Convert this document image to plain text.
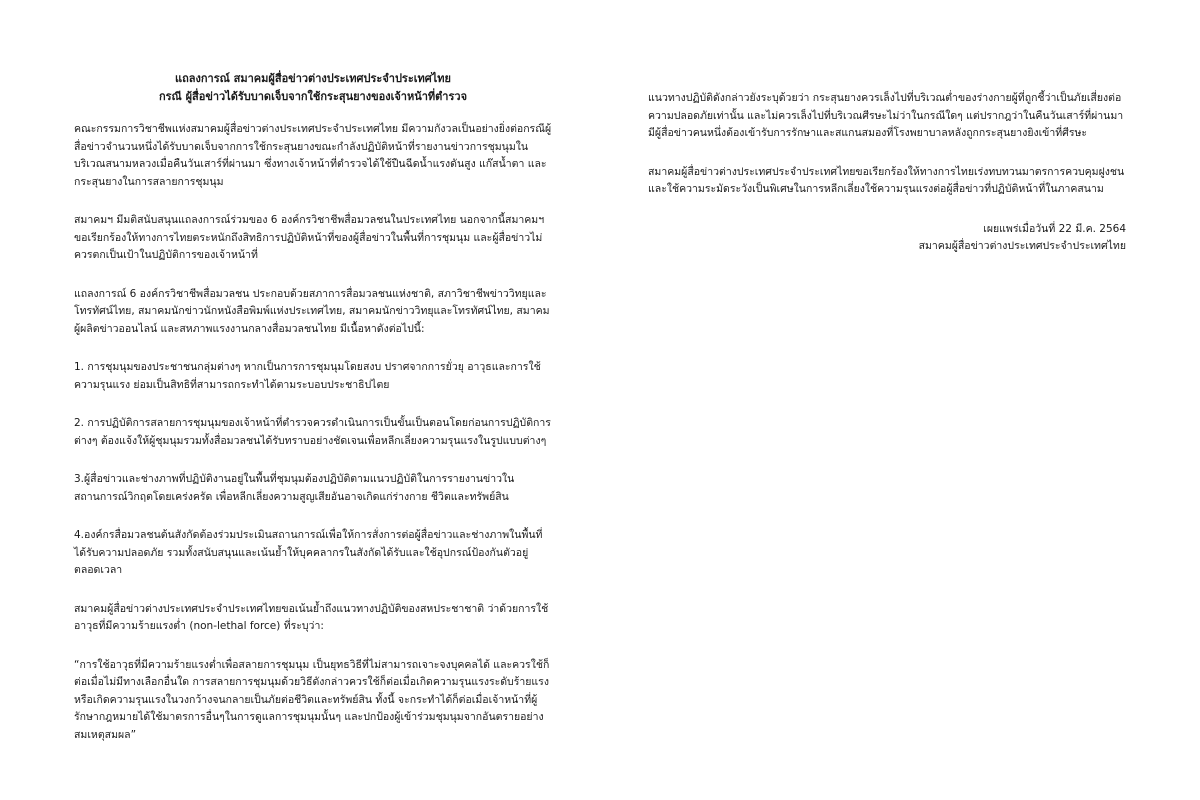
แถลงการณ์ สมาคมผู้สื่อข่าวต่างประเทศประจำประเทศไทย
กรณี ผู้สื่อข่าวได้รับบาดเจ็บจากใช้กระสุนยางของเจ้าหน้าที่ตำรวจ

คณะกรรมการวิชาชีพแห่งสมาคมผู้สื่อข่าวต่างประเทศประจำประเทศไทย มีความกังวลเป็นอย่างยิ่งต่อกรณีผู้สื่อข่าวจำนวนหนึ่งได้รับบาดเจ็บจากการใช้กระสุนยางขณะกำลังปฏิบัติหน้าที่รายงานข่าวการชุมนุมในบริเวณสนามหลวงเมื่อคืนวันเสาร์ที่ผ่านมา ซึ่งทางเจ้าหน้าที่ตำรวจได้ใช้ปืนฉีดน้ำแรงดันสูง แก๊สน้ำตา และกระสุนยางในการสลายการชุมนุม

สมาคมฯ มีมติสนับสนุนแถลงการณ์ร่วมของ 6 องค์กรวิชาชีพสื่อมวลชนในประเทศไทย นอกจากนี้สมาคมฯ ขอเรียกร้องให้ทางการไทยตระหนักถึงสิทธิการปฏิบัติหน้าที่ของผู้สื่อข่าวในพื้นที่การชุมนุม และผู้สื่อข่าวไม่ควรตกเป็นเป้าในปฏิบัติการของเจ้าหน้าที่

แถลงการณ์ 6 องค์กรวิชาชีพสื่อมวลชน ประกอบด้วยสภาการสื่อมวลชนแห่งชาติ, สภาวิชาชีพข่าววิทยุและโทรทัศน์ไทย, สมาคมนักข่าวนักหนังสือพิมพ์แห่งประเทศไทย, สมาคมนักข่าววิทยุและโทรทัศน์ไทย, สมาคมผู้ผลิตข่าวออนไลน์ และสหภาพแรงงานกลางสื่อมวลชนไทย มีเนื้อหาดังต่อไปนี้:

1. การชุมนุมของประชาชนกลุ่มต่างๆ หากเป็นการการชุมนุมโดยสงบ ปราศจากการยั่วยุ อาวุธและการใช้ความรุนแรง ย่อมเป็นสิทธิที่สามารถกระทำได้ตามระบอบประชาธิปไตย

2. การปฏิบัติการสลายการชุมนุมของเจ้าหน้าที่ตำรวจควรดำเนินการเป็นขั้นเป็นตอนโดยก่อนการปฏิบัติการต่างๆ ต้องแจ้งให้ผู้ชุมนุมรวมทั้งสื่อมวลชนได้รับทราบอย่างชัดเจนเพื่อหลีกเลี่ยงความรุนแรงในรูปแบบต่างๆ

3.ผู้สื่อข่าวและช่างภาพที่ปฏิบัติงานอยู่ในพื้นที่ชุมนุมต้องปฏิบัติตามแนวปฏิบัติในการรายงานข่าวในสถานการณ์วิกฤตโดยเคร่งครัด เพื่อหลีกเลี่ยงความสูญเสียอันอาจเกิดแก่ร่างกาย ชีวิตและทรัพย์สิน

4.องค์กรสื่อมวลชนต้นสังกัดต้องร่วมประเมินสถานการณ์เพื่อให้การสั่งการต่อผู้สื่อข่าวและช่างภาพในพื้นที่ได้รับความปลอดภัย รวมทั้งสนับสนุนและเน้นย้ำให้บุคคลากรในสังกัดได้รับและใช้อุปกรณ์ป้องกันตัวอยู่ตลอดเวลา

สมาคมผู้สื่อข่าวต่างประเทศประจำประเทศไทยขอเน้นย้ำถึงแนวทางปฏิบัติของสหประชาชาติ ว่าด้วยการใช้อาวุธที่มีความร้ายแรงต่ำ (non-lethal force) ที่ระบุว่า:

“การใช้อาวุธที่มีความร้ายแรงต่ำเพื่อสลายการชุมนุม เป็นยุทธวิธีที่ไม่สามารถเจาะจงบุคคลได้ และควรใช้ก็ต่อเมื่อไม่มีทางเลือกอื่นใด การสลายการชุมนุมด้วยวิธีดังกล่าวควรใช้ก็ต่อเมื่อเกิดความรุนแรงระดับร้ายแรง หรือเกิดความรุนแรงในวงกว้างจนกลายเป็นภัยต่อชีวิตและทรัพย์สิน ทั้งนี้ จะกระทำได้ก็ต่อเมื่อเจ้าหน้าที่ผู้รักษากฎหมายได้ใช้มาตรการอื่นๆในการดูแลการชุมนุมนั้นๆ และปกป้องผู้เข้าร่วมชุมนุมจากอันตรายอย่างสมเหตุสมผล”

แนวทางปฏิบัติดังกล่าวยังระบุด้วยว่า กระสุนยางควรเล็งไปที่บริเวณต่ำของร่างกายผู้ที่ถูกชี้ว่าเป็นภัยเสี่ยงต่อความปลอดภัยเท่านั้น และไม่ควรเล็งไปที่บริเวณศีรษะไม่ว่าในกรณีใดๆ แต่ปรากฎว่าในคืนวันเสาร์ที่ผ่านมา มีผู้สื่อข่าวคนหนึ่งต้องเข้ารับการรักษาและสแกนสมองที่โรงพยาบาลหลังถูกกระสุนยางยิงเข้าที่ศีรษะ

สมาคมผู้สื่อข่าวต่างประเทศประจำประเทศไทยขอเรียกร้องให้ทางการไทยเร่งทบทวนมาตรการควบคุมฝูงชน และใช้ความระมัดระวังเป็นพิเศษในการหลีกเลี่ยงใช้ความรุนแรงต่อผู้สื่อข่าวที่ปฏิบัติหน้าที่ในภาคสนาม

เผยแพร่เมื่อวันที่ 22 มี.ค. 2564
สมาคมผู้สื่อข่าวต่างประเทศประจำประเทศไทย
